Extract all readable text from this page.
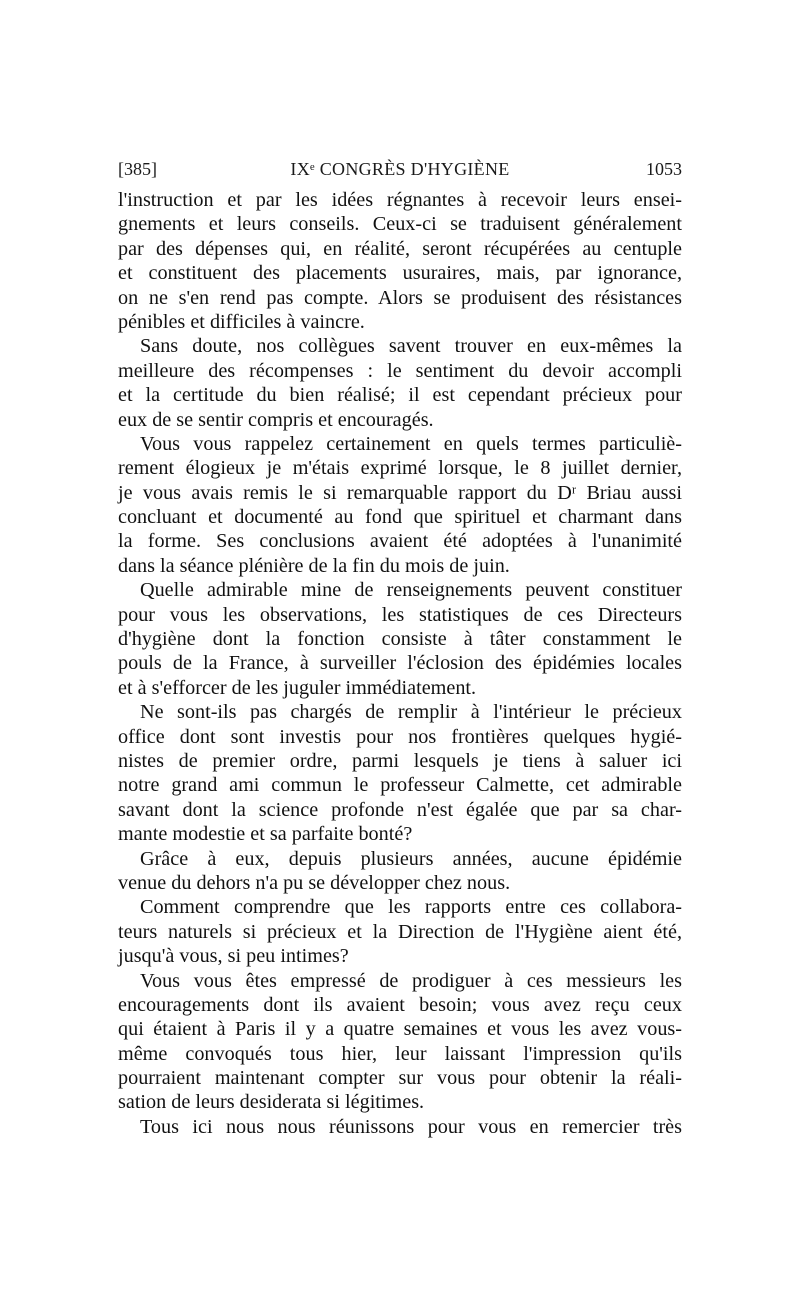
[385]	IXᵉ CONGRÈS D'HYGIÈNE	1053
l'instruction et par les idées régnantes à recevoir leurs ensei-
gnements et leurs conseils. Ceux-ci se traduisent généralement
par des dépenses qui, en réalité, seront récupérées au centuple
et constituent des placements usuraires, mais, par ignorance,
on ne s'en rend pas compte. Alors se produisent des résistances
pénibles et difficiles à vaincre.
Sans doute, nos collègues savent trouver en eux-mêmes la
meilleure des récompenses : le sentiment du devoir accompli
et la certitude du bien réalisé; il est cependant précieux pour
eux de se sentir compris et encouragés.
Vous vous rappelez certainement en quels termes particuliè-
rement élogieux je m'étais exprimé lorsque, le 8 juillet dernier,
je vous avais remis le si remarquable rapport du Dʳ Briau aussi
concluant et documenté au fond que spirituel et charmant dans
la forme. Ses conclusions avaient été adoptées à l'unanimité
dans la séance plénière de la fin du mois de juin.
Quelle admirable mine de renseignements peuvent constituer
pour vous les observations, les statistiques de ces Directeurs
d'hygiène dont la fonction consiste à tâter constamment le
pouls de la France, à surveiller l'éclosion des épidémies locales
et à s'efforcer de les juguler immédiatement.
Ne sont-ils pas chargés de remplir à l'intérieur le précieux
office dont sont investis pour nos frontières quelques hygié-
nistes de premier ordre, parmi lesquels je tiens à saluer ici
notre grand ami commun le professeur Calmette, cet admirable
savant dont la science profonde n'est égalée que par sa char-
mante modestie et sa parfaite bonté?
Grâce à eux, depuis plusieurs années, aucune épidémie
venue du dehors n'a pu se développer chez nous.
Comment comprendre que les rapports entre ces collabora-
teurs naturels si précieux et la Direction de l'Hygiène aient été,
jusqu'à vous, si peu intimes?
Vous vous êtes empressé de prodiguer à ces messieurs les
encouragements dont ils avaient besoin; vous avez reçu ceux
qui étaient à Paris il y a quatre semaines et vous les avez vous-
même convoqués tous hier, leur laissant l'impression qu'ils
pourraient maintenant compter sur vous pour obtenir la réali-
sation de leurs desiderata si légitimes.
Tous ici nous nous réunissons pour vous en remercier très
